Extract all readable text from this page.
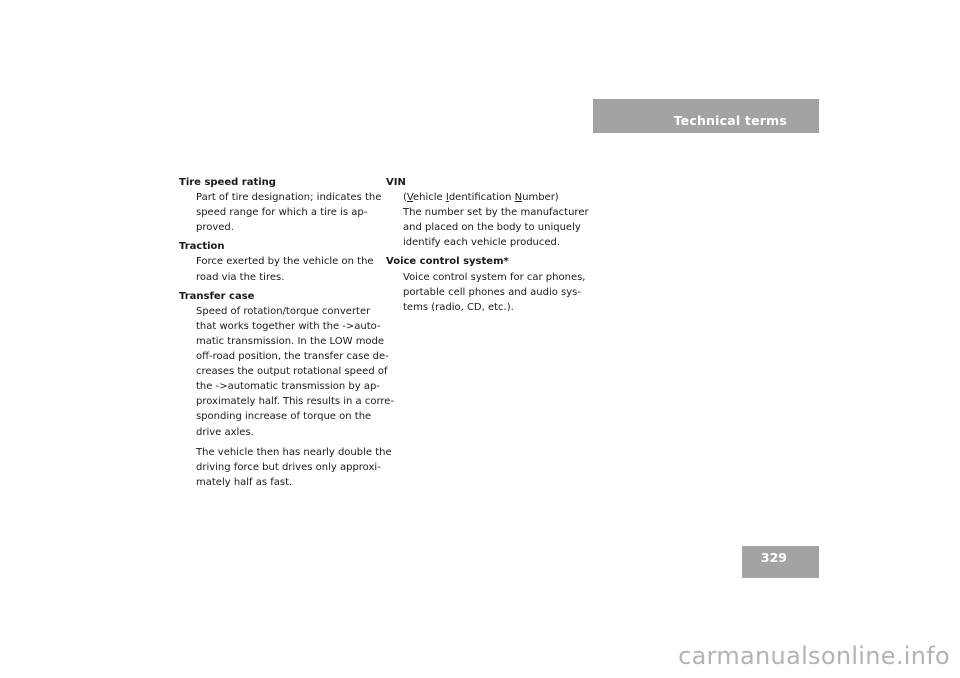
Technical terms
Tire speed rating
Part of tire designation; indicates the
speed range for which a tire is ap-
proved.
Traction
Force exerted by the vehicle on the
road via the tires.
Transfer case
Speed of rotation/torque converter
that works together with the ->auto-
matic transmission. In the LOW mode
off-road position, the transfer case de-
creases the output rotational speed of
the ->automatic transmission by ap-
proximately half. This results in a corre-
sponding increase of torque on the
drive axles.
The vehicle then has nearly double the
driving force but drives only approxi-
mately half as fast.
VIN
(Vehicle Identification Number)
The number set by the manufacturer
and placed on the body to uniquely
identify each vehicle produced.
Voice control system*
Voice control system for car phones,
portable cell phones and audio sys-
tems (radio, CD, etc.).
329
carmanualsonline.info
